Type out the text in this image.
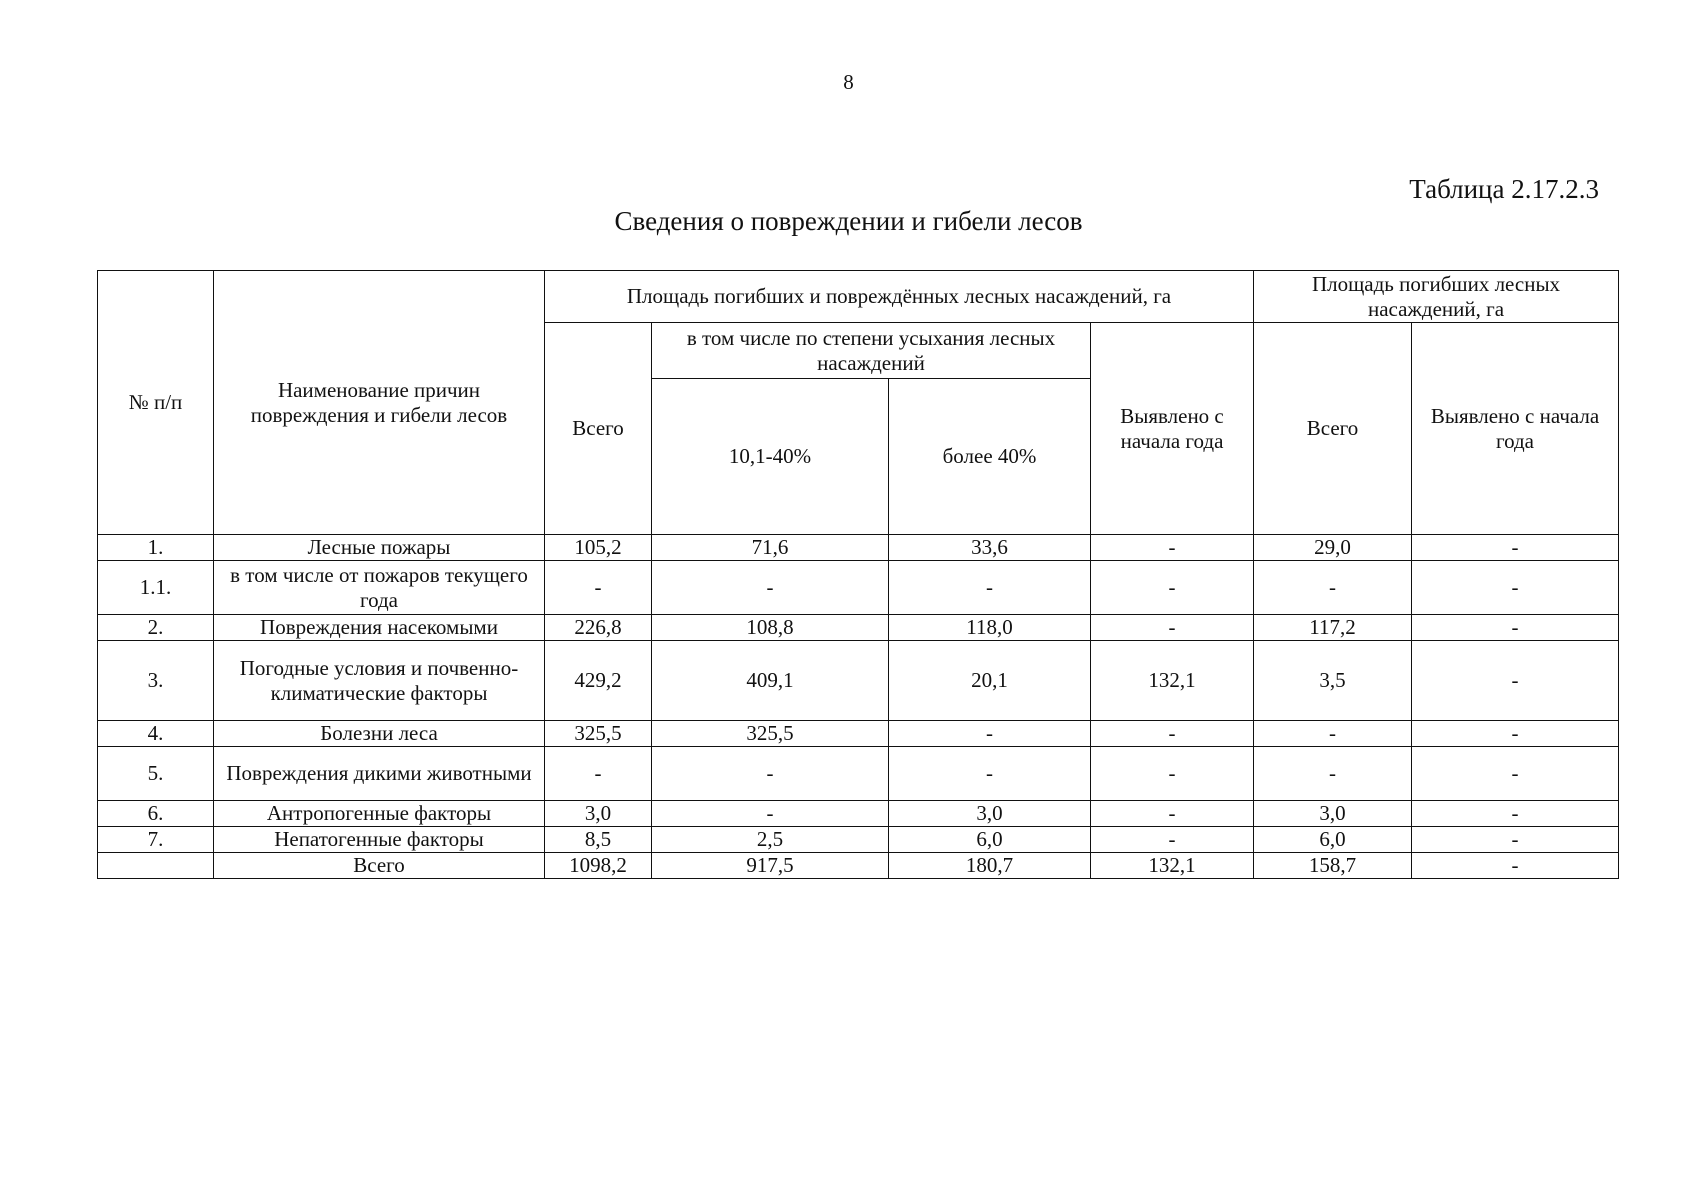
8
Таблица 2.17.2.3
Сведения о повреждении и гибели лесов
№ п/п	Наименование причин повреждения и гибели лесов	Площадь погибших и повреждённых лесных насаждений, га				Площадь погибших лесных насаждений, га	
		Всего	в том числе по степени усыхания лесных насаждений		Выявлено с начала года	Всего	Выявлено с начала года
			10,1-40%	более 40%			
1.	Лесные пожары	105,2	71,6	33,6	-	29,0	-
1.1.	в том числе от пожаров текущего года	-	-	-	-	-	-
2.	Повреждения насекомыми	226,8	108,8	118,0	-	117,2	-
3.	Погодные условия и почвенно-климатические факторы	429,2	409,1	20,1	132,1	3,5	-
4.	Болезни леса	325,5	325,5	-	-	-	-
5.	Повреждения дикими животными	-	-	-	-	-	-
6.	Антропогенные факторы	3,0	-	3,0	-	3,0	-
7.	Непатогенные факторы	8,5	2,5	6,0	-	6,0	-
	Всего	1098,2	917,5	180,7	132,1	158,7	-
